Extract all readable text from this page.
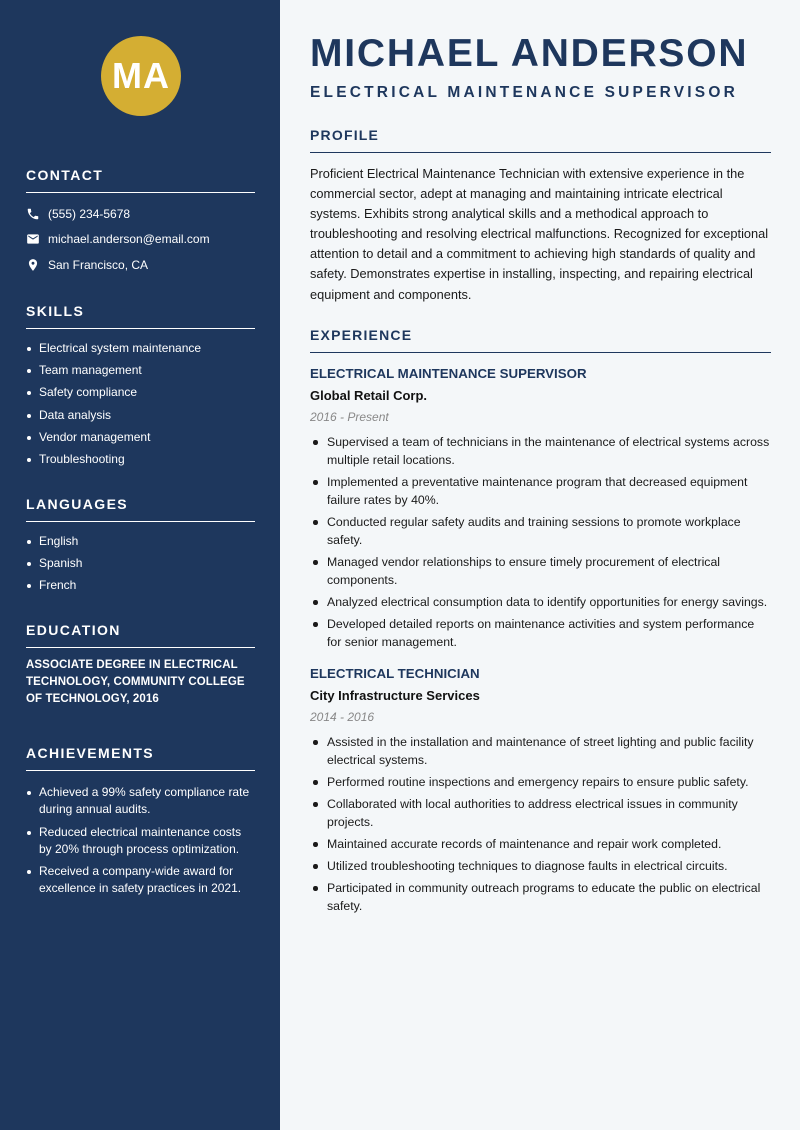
MA
CONTACT
(555) 234-5678
michael.anderson@email.com
San Francisco, CA
SKILLS
Electrical system maintenance
Team management
Safety compliance
Data analysis
Vendor management
Troubleshooting
LANGUAGES
English
Spanish
French
EDUCATION
ASSOCIATE DEGREE IN ELECTRICAL TECHNOLOGY, COMMUNITY COLLEGE OF TECHNOLOGY, 2016
ACHIEVEMENTS
Achieved a 99% safety compliance rate during annual audits.
Reduced electrical maintenance costs by 20% through process optimization.
Received a company-wide award for excellence in safety practices in 2021.
MICHAEL ANDERSON
ELECTRICAL MAINTENANCE SUPERVISOR
PROFILE

Proficient Electrical Maintenance Technician with extensive experience in the commercial sector, adept at managing and maintaining intricate electrical systems. Exhibits strong analytical skills and a methodical approach to troubleshooting and resolving electrical malfunctions. Recognized for exceptional attention to detail and a commitment to achieving high standards of quality and safety. Demonstrates expertise in installing, inspecting, and repairing electrical equipment and components.

EXPERIENCE

ELECTRICAL MAINTENANCE SUPERVISOR

Global Retail Corp.

2016 - Present

Supervised a team of technicians in the maintenance of electrical systems across multiple retail locations.
Implemented a preventative maintenance program that decreased equipment failure rates by 40%.
Conducted regular safety audits and training sessions to promote workplace safety.
Managed vendor relationships to ensure timely procurement of electrical components.
Analyzed electrical consumption data to identify opportunities for energy savings.
Developed detailed reports on maintenance activities and system performance for senior management.

ELECTRICAL TECHNICIAN

City Infrastructure Services

2014 - 2016

Assisted in the installation and maintenance of street lighting and public facility electrical systems.
Performed routine inspections and emergency repairs to ensure public safety.
Collaborated with local authorities to address electrical issues in community projects.
Maintained accurate records of maintenance and repair work completed.
Utilized troubleshooting techniques to diagnose faults in electrical circuits.
Participated in community outreach programs to educate the public on electrical safety.
